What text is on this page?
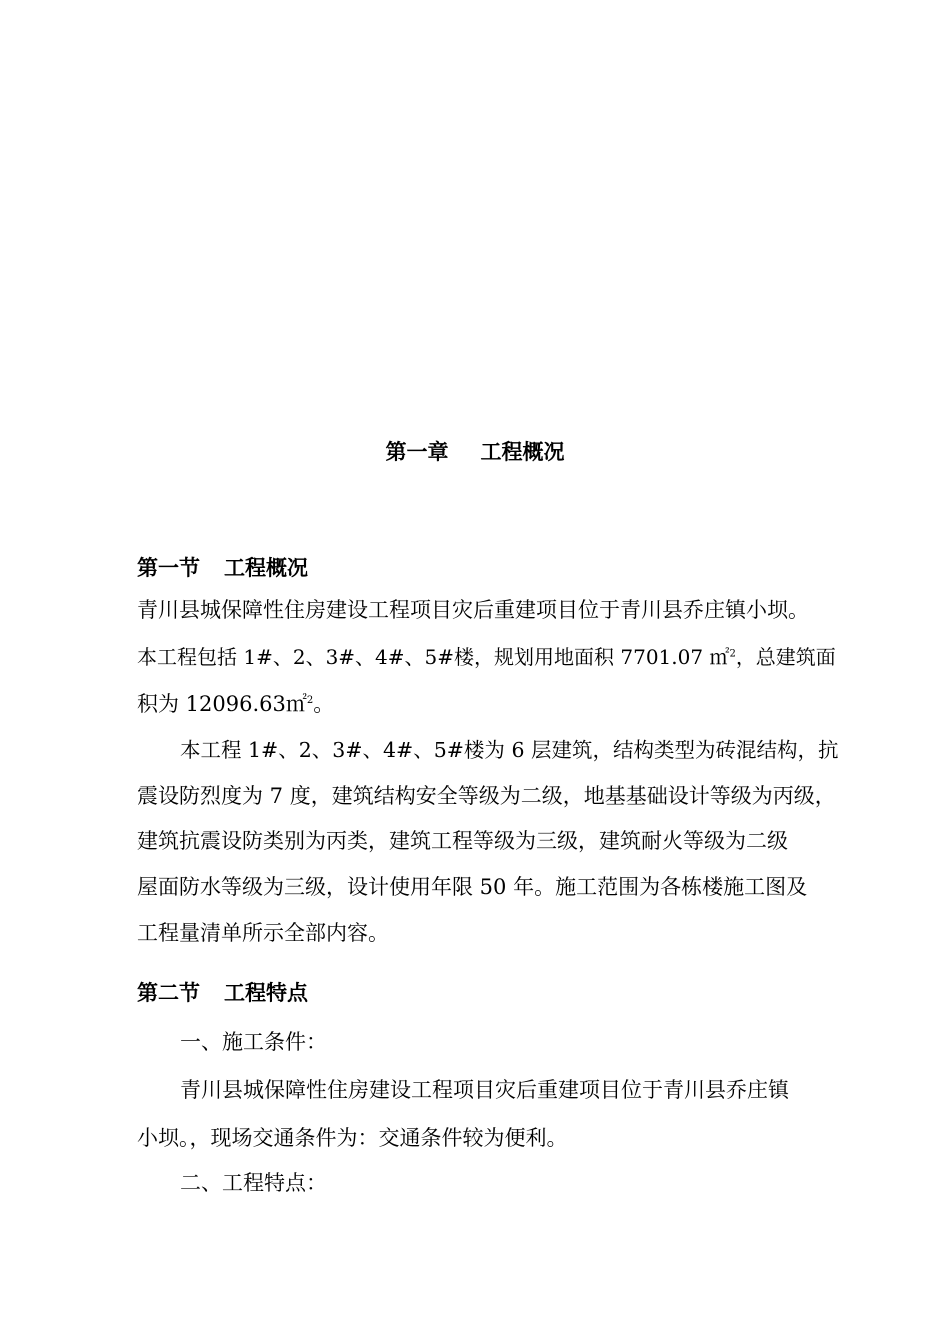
第一章 工程概况
第一节 工程概况
青川县城保障性住房建设工程项目灾后重建项目位于青川县乔庄镇小坝。
本工程包括 1#、2、3#、4#、5#楼，规划用地面积 7701.07 ㎡$^2$，总建筑面
积为 12096.63㎡$^2$。
本工程 1#、2、3#、4#、5#楼为 6 层建筑，结构类型为砖混结构，抗
震设防烈度为 7 度，建筑结构安全等级为二级，地基基础设计等级为丙级，
建筑抗震设防类别为丙类，建筑工程等级为三级，建筑耐火等级为二级
屋面防水等级为三级，设计使用年限 50 年。施工范围为各栋楼施工图及
工程量清单所示全部内容。
第二节 工程特点
一、施工条件：
青川县城保障性住房建设工程项目灾后重建项目位于青川县乔庄镇
小坝。，现场交通条件为：交通条件较为便利。
二、工程特点：
